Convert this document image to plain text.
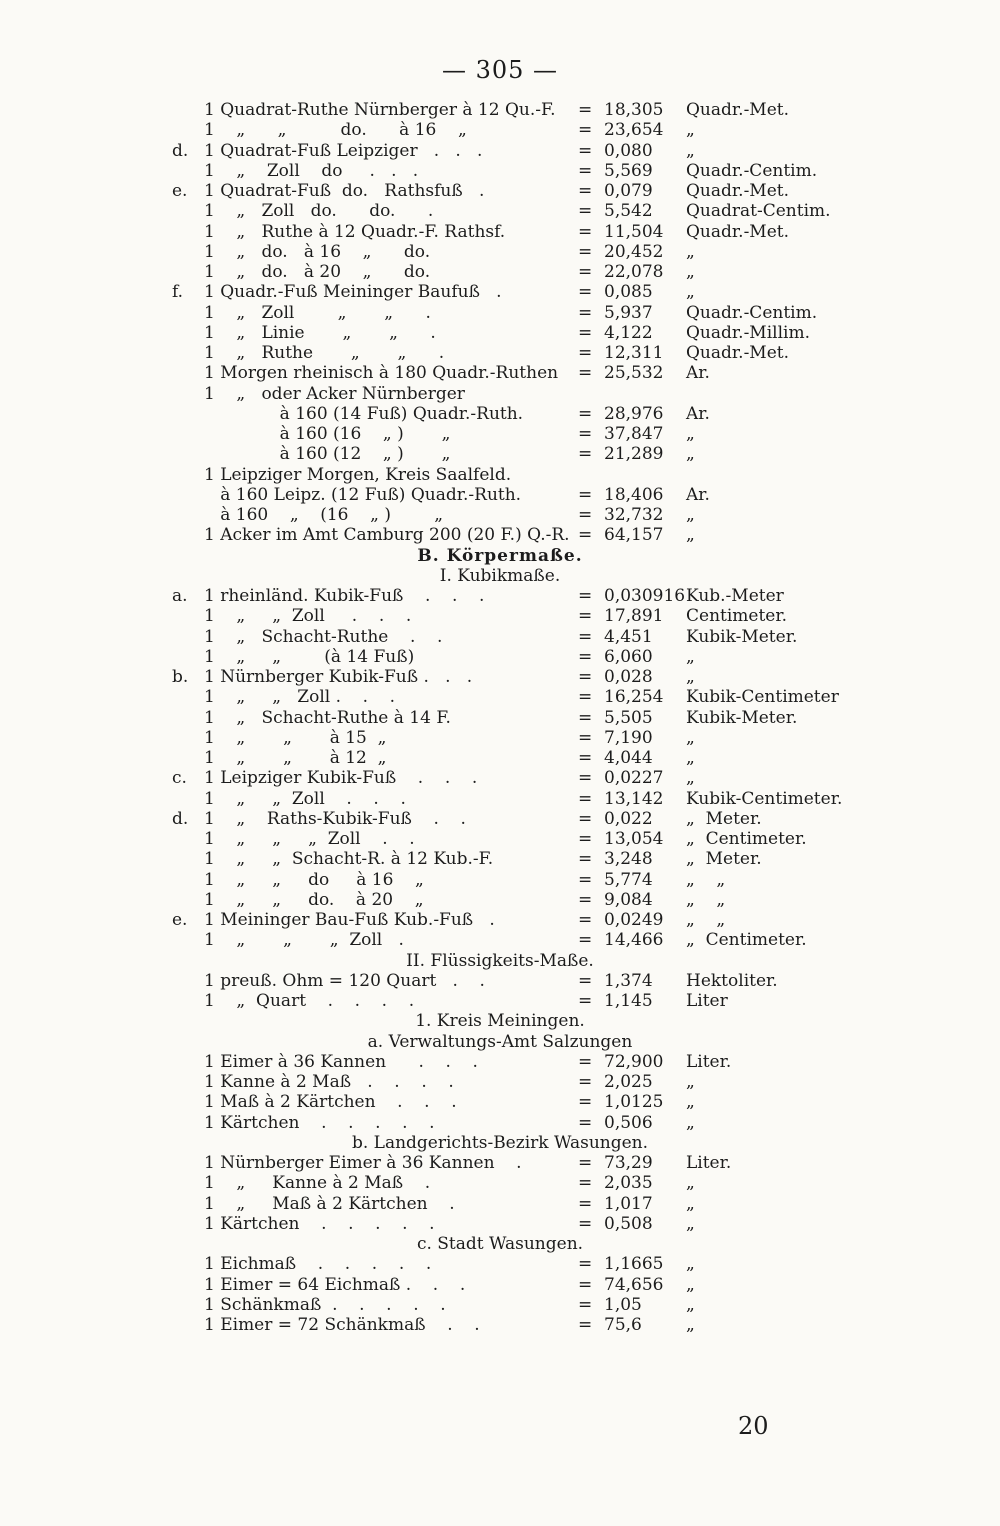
— 305 —
1 Quadrat-Ruthe Nürnberger à 12 Qu.-F. = 18,305 Quadr.-Met.
1    „      „          do.      à 16    „	= 23,654 „
d. 1 Quadrat-Fuß Leipziger   .   .   .	= 0,080 „
1    „    Zoll    do     .   .   .	= 5,569 Quadr.-Centim.
e. 1 Quadrat-Fuß  do.   Rathsfuß   .	= 0,079 Quadr.-Met.
1    „   Zoll   do.      do.      .	= 5,542 Quadrat-Centim.
1    „   Ruthe à 12 Quadr.-F. Rathsf.	= 11,504 Quadr.-Met.
1    „   do.   à 16    „      do.	= 20,452 „
1    „   do.   à 20    „      do.	= 22,078 „
f. 1 Quadr.-Fuß Meininger Baufuß   .	= 0,085 „
1    „   Zoll        „       „      .	= 5,937 Quadr.-Centim.
1    „   Linie       „       „      .	= 4,122 Quadr.-Millim.
1    „   Ruthe       „       „      .	= 12,311 Quadr.-Met.
1 Morgen rheinisch à 180 Quadr.-Ruthen = 25,532 Ar.
1    „   oder Acker Nürnberger
à 160 (14 Fuß) Quadr.-Ruth.	= 28,976 Ar.
à 160 (16    „ )       „	= 37,847 „
à 160 (12    „ )       „	= 21,289 „
1 Leipziger Morgen, Kreis Saalfeld.
à 160 Leipz. (12 Fuß) Quadr.-Ruth.	= 18,406 Ar.
à 160    „    (16    „ )        „	= 32,732 „
1 Acker im Amt Camburg 200 (20 F.) Q.-R. = 64,157 „
B. Körpermaße.
I. Kubikmaße.
a. 1 rheinländ. Kubik-Fuß    .    .    .	= 0,030916 Kub.-Meter
1    „     „  Zoll     .    .    .	= 17,891 Centimeter.
1    „   Schacht-Ruthe    .    .	= 4,451 Kubik-Meter.
1    „     „        (à 14 Fuß)	= 6,060 „
b. 1 Nürnberger Kubik-Fuß .   .   .	= 0,028 „
1    „     „   Zoll .    .    .	= 16,254 Kubik-Centimeter
1    „   Schacht-Ruthe à 14 F.	= 5,505 Kubik-Meter.
1    „       „       à 15  „	= 7,190 „
1    „       „       à 12  „	= 4,044 „
c. 1 Leipziger Kubik-Fuß    .    .    .	= 0,0227 „
1    „     „  Zoll    .    .    .	= 13,142 Kubik-Centimeter.
d. 1    „    Raths-Kubik-Fuß    .    .	= 0,022 „  Meter.
1    „     „     „  Zoll    .    .	= 13,054 „  Centimeter.
1    „     „  Schacht-R. à 12 Kub.-F.	= 3,248 „  Meter.
1    „     „     do     à 16    „	= 5,774 „    „
1    „     „     do.    à 20    „	= 9,084 „    „
e. 1 Meininger Bau-Fuß Kub.-Fuß   .	= 0,0249 „    „
1    „       „       „  Zoll   .	= 14,466 „  Centimeter.
II. Flüssigkeits-Maße.
1 preuß. Ohm = 120 Quart   .    .	= 1,374 Hektoliter.
1    „  Quart    .    .    .    .	= 1,145 Liter
1. Kreis Meiningen.
a. Verwaltungs-Amt Salzungen
1 Eimer à 36 Kannen      .    .    .	= 72,900 Liter.
1 Kanne à 2 Maß   .    .    .    .	= 2,025 „
1 Maß à 2 Kärtchen    .    .    .	= 1,0125 „
1 Kärtchen    .    .    .    .    .	= 0,506 „
b. Landgerichts-Bezirk Wasungen.
1 Nürnberger Eimer à 36 Kannen    .	= 73,29 Liter.
1    „     Kanne à 2 Maß    .	= 2,035 „
1    „     Maß à 2 Kärtchen    .	= 1,017 „
1 Kärtchen    .    .    .    .    .	= 0,508 „
c. Stadt Wasungen.
1 Eichmaß    .    .    .    .    .	= 1,1665 „
1 Eimer = 64 Eichmaß .    .    .	= 74,656 „
1 Schänkmaß  .    .    .    .    .	= 1,05	„
1 Eimer = 72 Schänkmaß    .    .	= 75,6	„
20
